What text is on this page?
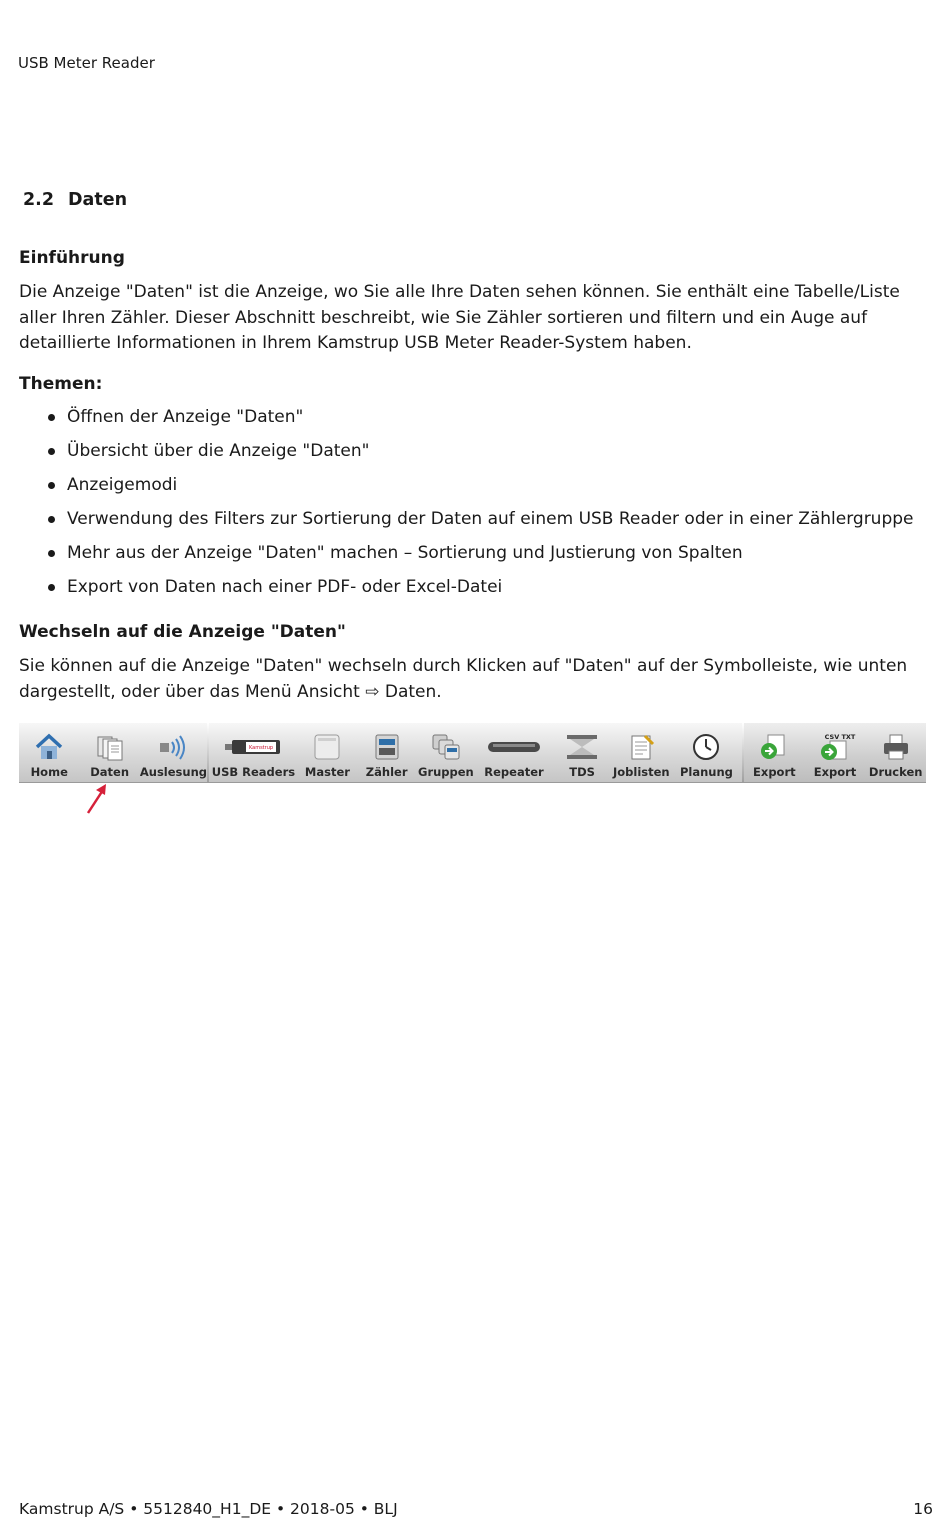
USB Meter Reader
2.2 Daten

Einführung

Die Anzeige "Daten" ist die Anzeige, wo Sie alle Ihre Daten sehen können. Sie enthält eine Tabelle/Liste aller Ihren Zähler. Dieser Abschnitt beschreibt, wie Sie Zähler sortieren und filtern und ein Auge auf detaillierte Informationen in Ihrem Kamstrup USB Meter Reader-System haben.

Themen:

Öffnen der Anzeige "Daten"
Übersicht über die Anzeige "Daten"
Anzeigemodi
Verwendung des Filters zur Sortierung der Daten auf einem USB Reader oder in einer Zählergruppe
Mehr aus der Anzeige "Daten" machen – Sortierung und Justierung von Spalten
Export von Daten nach einer PDF- oder Excel-Datei

Wechseln auf die Anzeige "Daten"

Sie können auf die Anzeige "Daten" wechseln durch Klicken auf "Daten" auf der Symbolleiste, wie unten dargestellt, oder über das Menü Ansicht ⇨ Daten.

Home Daten Auslesung
Kamstrup
USB Readers Master Zähler Gruppen Repeater TDS Joblisten Planung Export
CSV TXT
Export Drucken
Kamstrup A/S • 5512840_H1_DE • 2018-05 • BLJ	16
